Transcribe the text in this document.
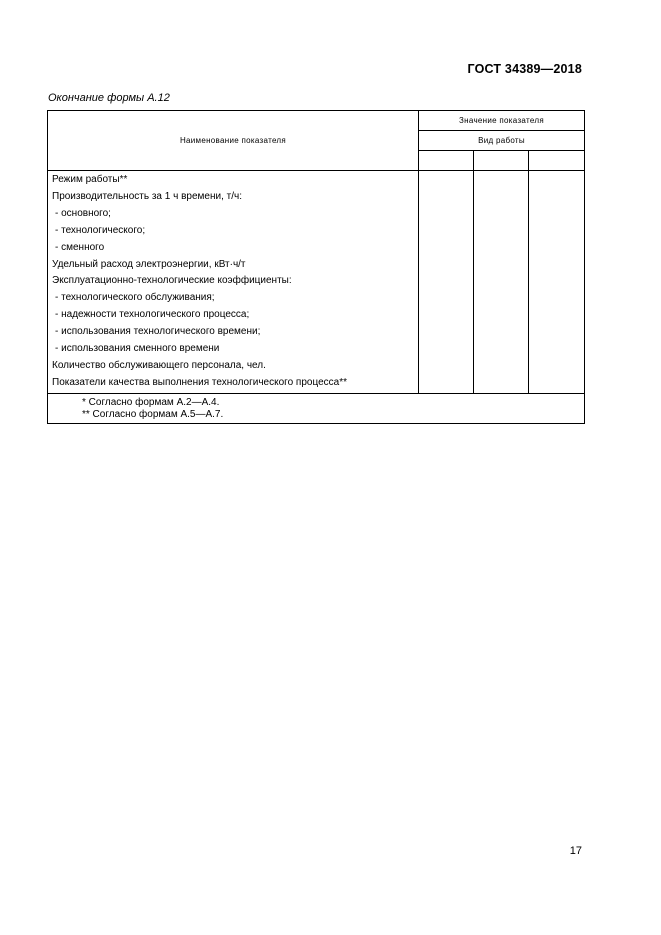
ГОСТ 34389—2018
Окончание формы А.12
Наименование показателя	Значение показателя		
	Вид работы		

Режим работы**			
Производительность за 1 ч времени, т/ч:			
- основного;			
- технологического;			
- сменного			
Удельный расход электроэнергии, кВт·ч/т			
Эксплуатационно-технологические коэффициенты:			
- технологического обслуживания;			
- надежности технологического процесса;			
- использования технологического времени;			
- использования сменного времени			
Количество обслуживающего персонала, чел.			
Показатели качества выполнения технологического процесса**			

* Согласно формам А.2—А.4.
** Согласно формам А.5—А.7.			
17
